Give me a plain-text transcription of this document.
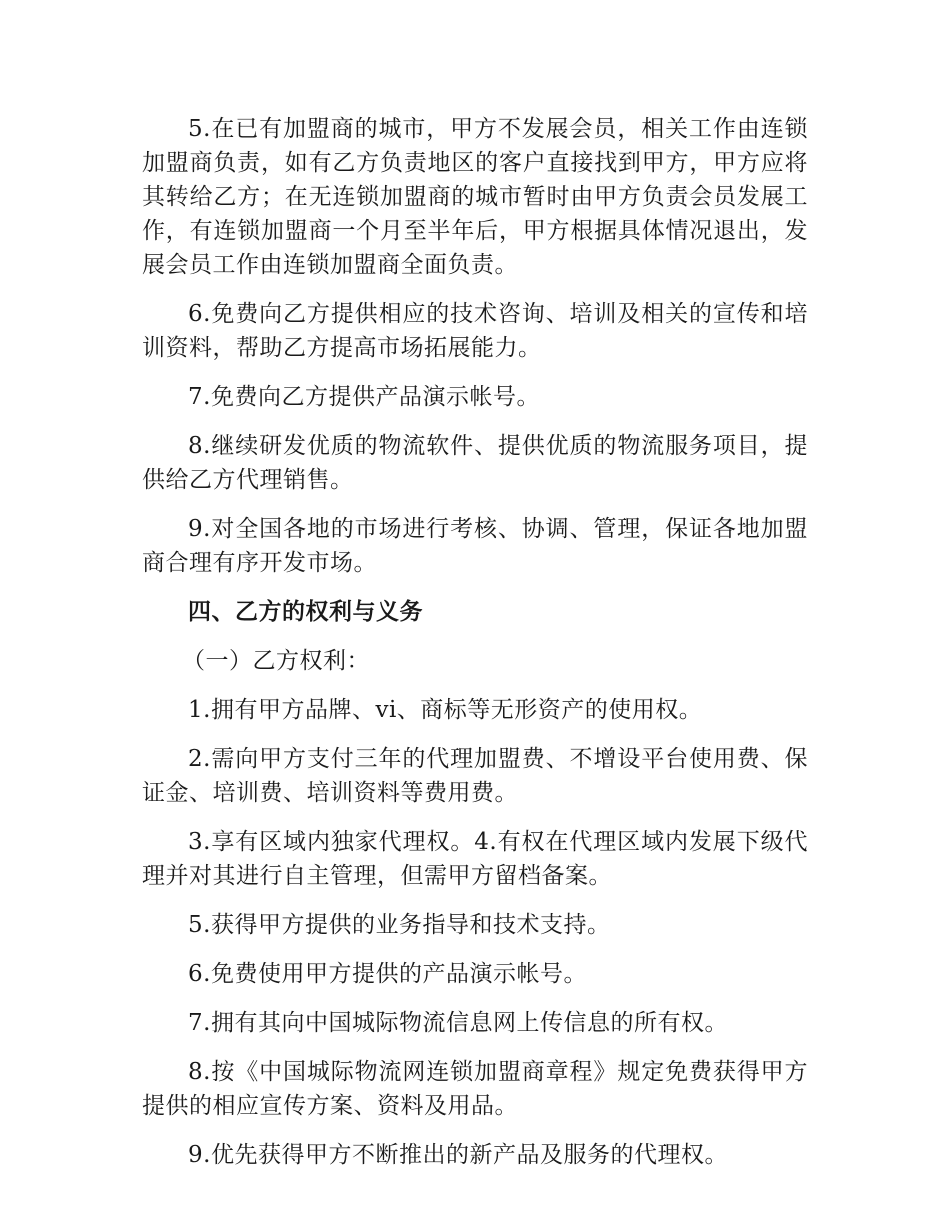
5.在已有加盟商的城市，甲方不发展会员，相关工作由连锁加盟商负责，如有乙方负责地区的客户直接找到甲方，甲方应将其转给乙方；在无连锁加盟商的城市暂时由甲方负责会员发展工作，有连锁加盟商一个月至半年后，甲方根据具体情况退出，发展会员工作由连锁加盟商全面负责。

6.免费向乙方提供相应的技术咨询、培训及相关的宣传和培训资料，帮助乙方提高市场拓展能力。

7.免费向乙方提供产品演示帐号。

8.继续研发优质的物流软件、提供优质的物流服务项目，提供给乙方代理销售。

9.对全国各地的市场进行考核、协调、管理，保证各地加盟商合理有序开发市场。

四、乙方的权利与义务

（一）乙方权利：

1.拥有甲方品牌、vi、商标等无形资产的使用权。

2.需向甲方支付三年的代理加盟费、不增设平台使用费、保证金、培训费、培训资料等费用费。

3.享有区域内独家代理权。4.有权在代理区域内发展下级代理并对其进行自主管理，但需甲方留档备案。

5.获得甲方提供的业务指导和技术支持。

6.免费使用甲方提供的产品演示帐号。

7.拥有其向中国城际物流信息网上传信息的所有权。

8.按《中国城际物流网连锁加盟商章程》规定免费获得甲方提供的相应宣传方案、资料及用品。

9.优先获得甲方不断推出的新产品及服务的代理权。
